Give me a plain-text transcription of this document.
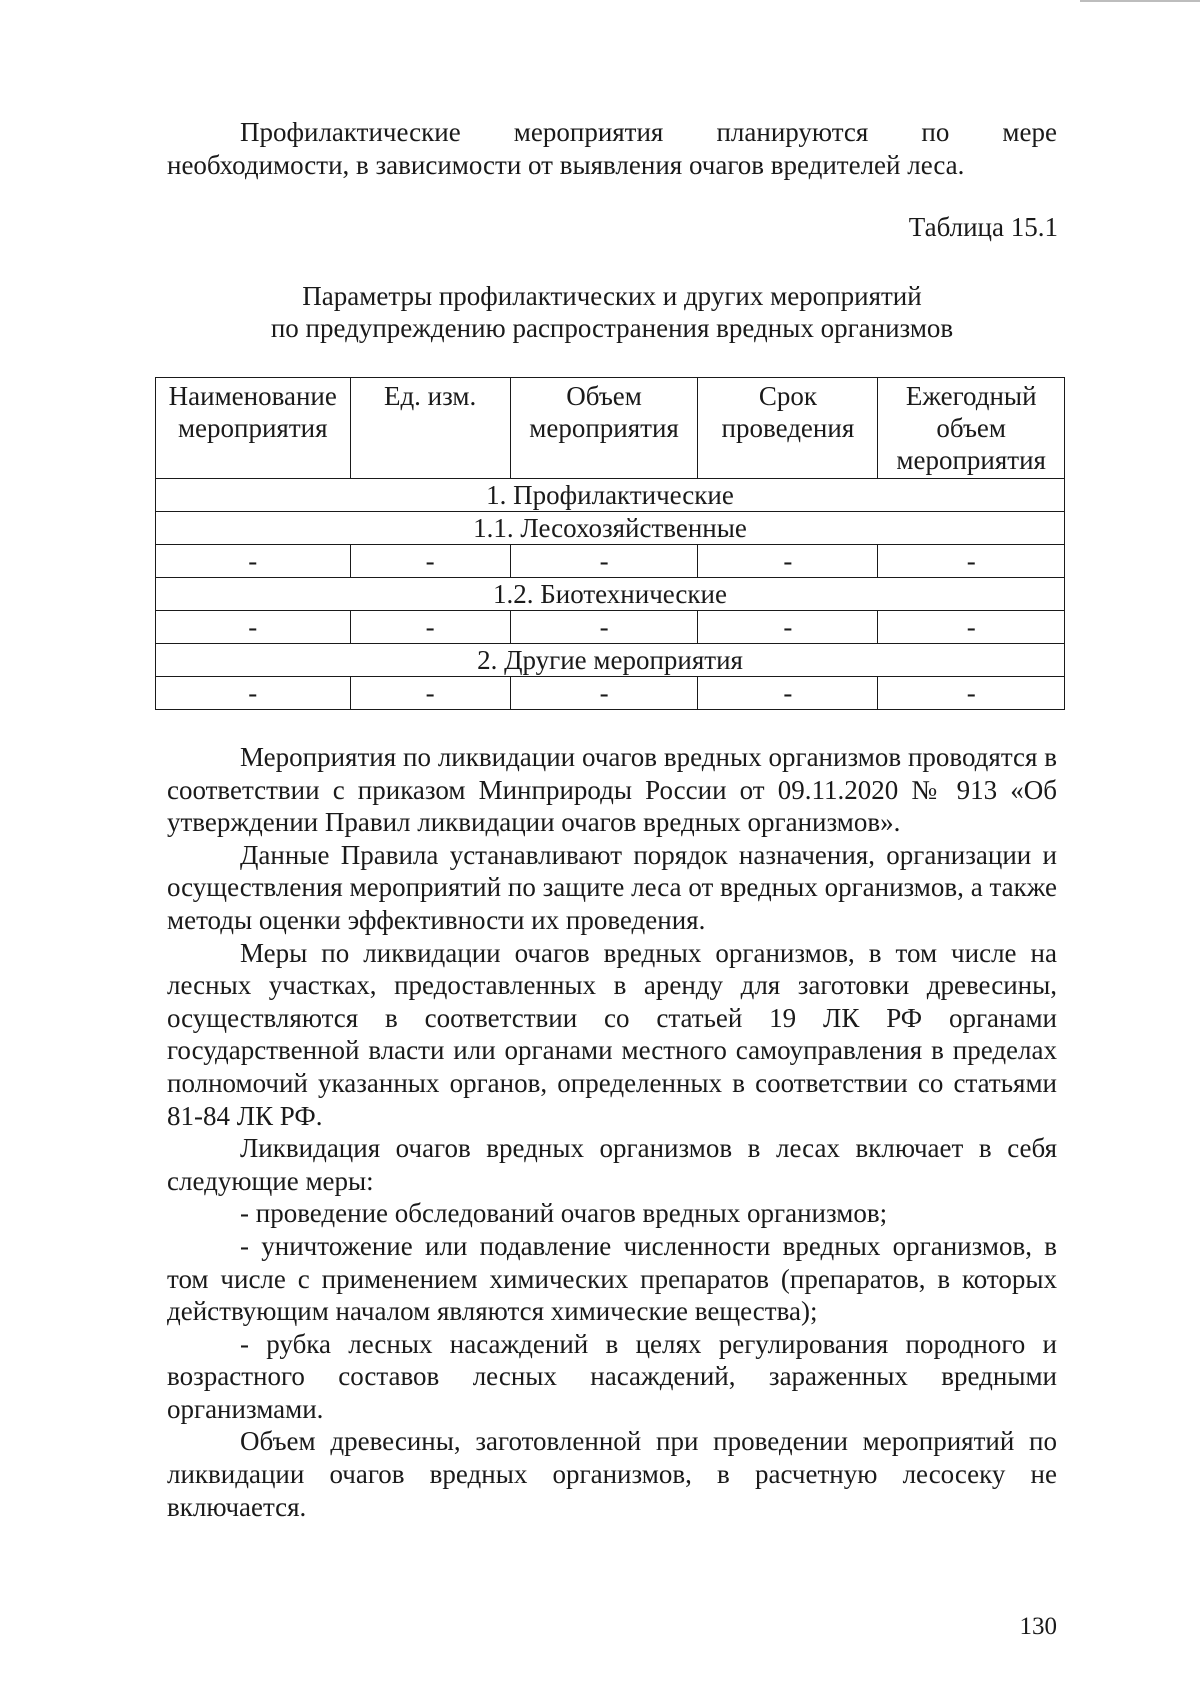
Профилактические мероприятия планируются по мере необходимости, в зависимости от выявления очагов вредителей леса.

Таблица 15.1
Параметры профилактических и других мероприятий
по предупреждению распространения вредных организмов
Наименование мероприятия	Ед. изм.	Объем мероприятия	Срок проведения	Ежегодный объем мероприятия
1. Профилактические				
1.1. Лесохозяйственные				
-	-	-	-	-
1.2. Биотехнические				
-	-	-	-	-
2. Другие мероприятия				
-	-	-	-	-

Мероприятия по ликвидации очагов вредных организмов проводятся в соответствии с приказом Минприроды России от 09.11.2020 № 913 «Об утверждении Правил ликвидации очагов вредных организмов».

Данные Правила устанавливают порядок назначения, организации и осуществления мероприятий по защите леса от вредных организмов, а также методы оценки эффективности их проведения.

Меры по ликвидации очагов вредных организмов, в том числе на лесных участках, предоставленных в аренду для заготовки древесины, осуществляются в соответствии со статьей 19 ЛК РФ органами государственной власти или органами местного самоуправления в пределах полномочий указанных органов, определенных в соответствии со статьями 81-84 ЛК РФ.

Ликвидация очагов вредных организмов в лесах включает в себя следующие меры:

- проведение обследований очагов вредных организмов;

- уничтожение или подавление численности вредных организмов, в том числе с применением химических препаратов (препаратов, в которых действующим началом являются химические вещества);

- рубка лесных насаждений в целях регулирования породного и возрастного составов лесных насаждений, зараженных вредными организмами.

Объем древесины, заготовленной при проведении мероприятий по ликвидации очагов вредных организмов, в расчетную лесосеку не включается.

130
